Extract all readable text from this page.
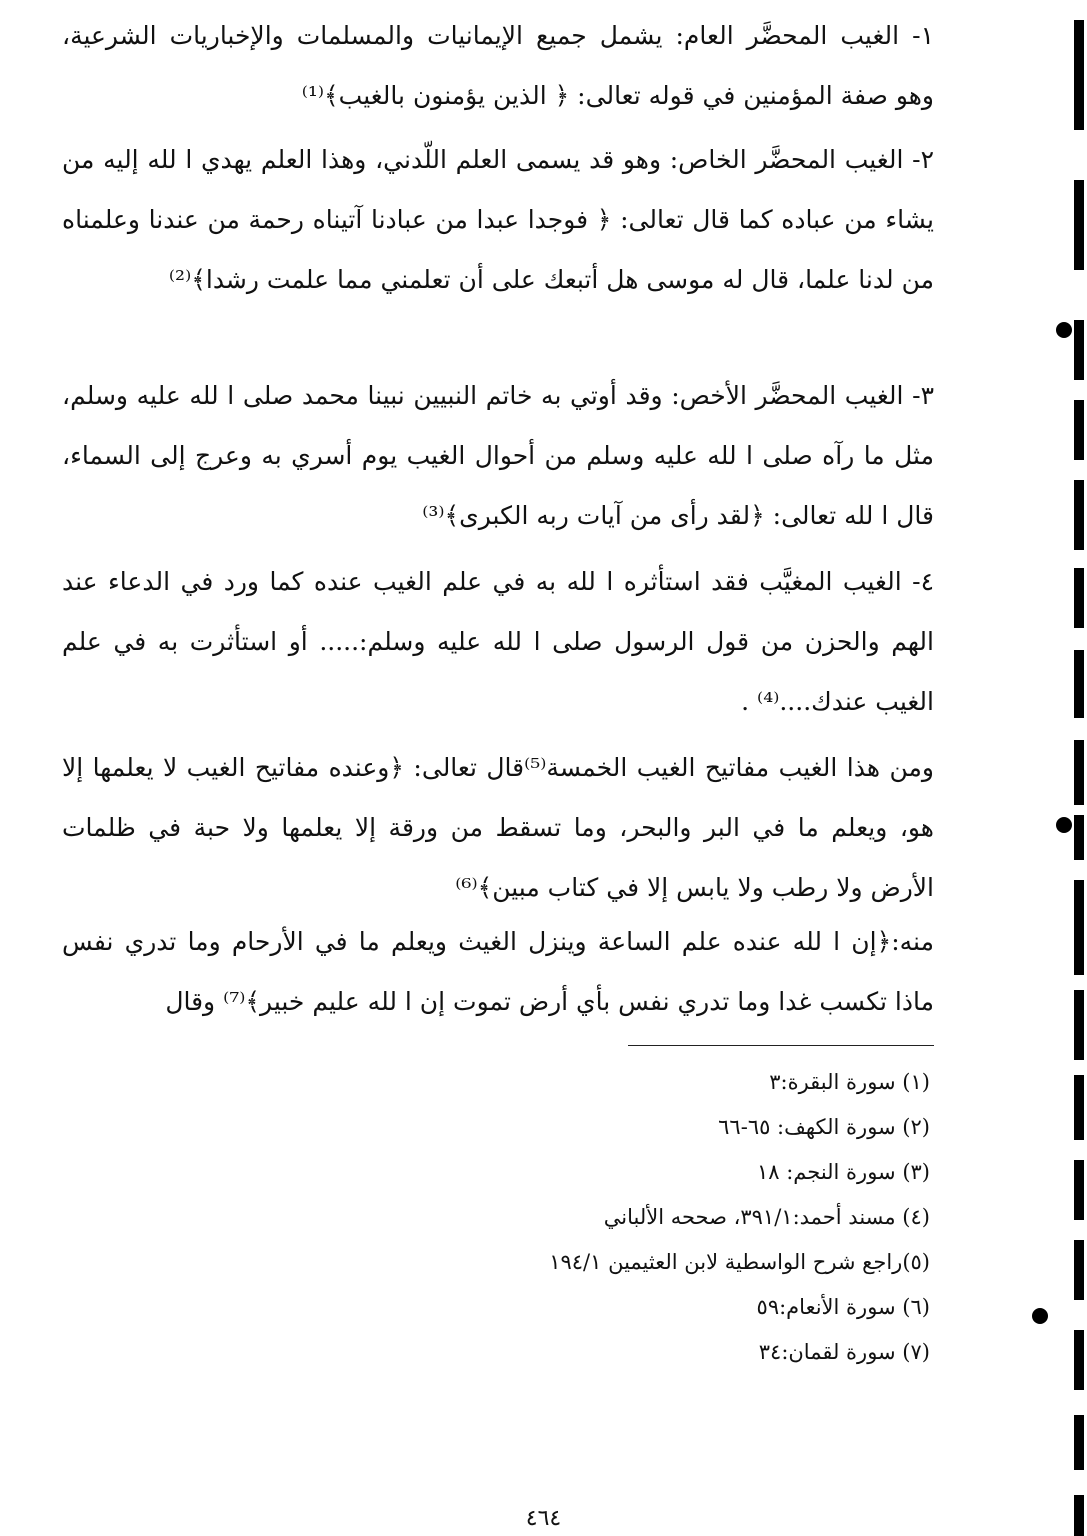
١- الغيب المحضَّر العام: يشمل جميع الإيمانيات والمسلمات والإخباريات الشرعية، وهو صفة المؤمنين في قوله تعالى: ﴿ الذين يؤمنون بالغيب﴾⁽¹⁾

٢- الغيب المحضَّر الخاص: وهو قد يسمى العلم اللّدني، وهذا العلم يهدي ا لله إليه من يشاء من عباده كما قال تعالى: ﴿ فوجدا عبدا من عبادنا آتيناه رحمة من عندنا وعلمناه من لدنا علما، قال له موسى هل أتبعك على أن تعلمني مما علمت رشدا﴾⁽²⁾

٣- الغيب المحضَّر الأخص: وقد أوتي به خاتم النبيين نبينا محمد صلى ا لله عليه وسلم، مثل ما رآه صلى ا لله عليه وسلم من أحوال الغيب يوم أسري به وعرج إلى السماء، قال ا لله تعالى: ﴿لقد رأى من آيات ربه الكبرى﴾⁽³⁾

٤- الغيب المغيَّب فقد استأثره ا لله به في علم الغيب عنده كما ورد في الدعاء عند الهم والحزن من قول الرسول صلى ا لله عليه وسلم:..... أو استأثرت به في علم الغيب عندك....⁽⁴⁾ .

ومن هذا الغيب مفاتيح الغيب الخمسة⁽⁵⁾قال تعالى: ﴿وعنده مفاتيح الغيب لا يعلمها إلا هو، ويعلم ما في البر والبحر، وما تسقط من ورقة إلا يعلمها ولا حبة في ظلمات الأرض ولا رطب ولا يابس إلا في كتاب مبين﴾⁽⁶⁾

منه:﴿إن ا لله عنده علم الساعة وينزل الغيث ويعلم ما في الأرحام وما تدري نفس ماذا تكسب غدا وما تدري نفس بأي أرض تموت إن ا لله عليم خبير﴾⁽⁷⁾ وقال

(١) سورة البقرة:٣

(٢) سورة الكهف: ٦٥-٦٦

(٣) سورة النجم: ١٨

(٤) مسند أحمد:٣٩١/١، صححه الألباني

(٥)راجع شرح الواسطية لابن العثيمين ١٩٤/١

(٦) سورة الأنعام:٥٩

(٧) سورة لقمان:٣٤

٤٦٤
